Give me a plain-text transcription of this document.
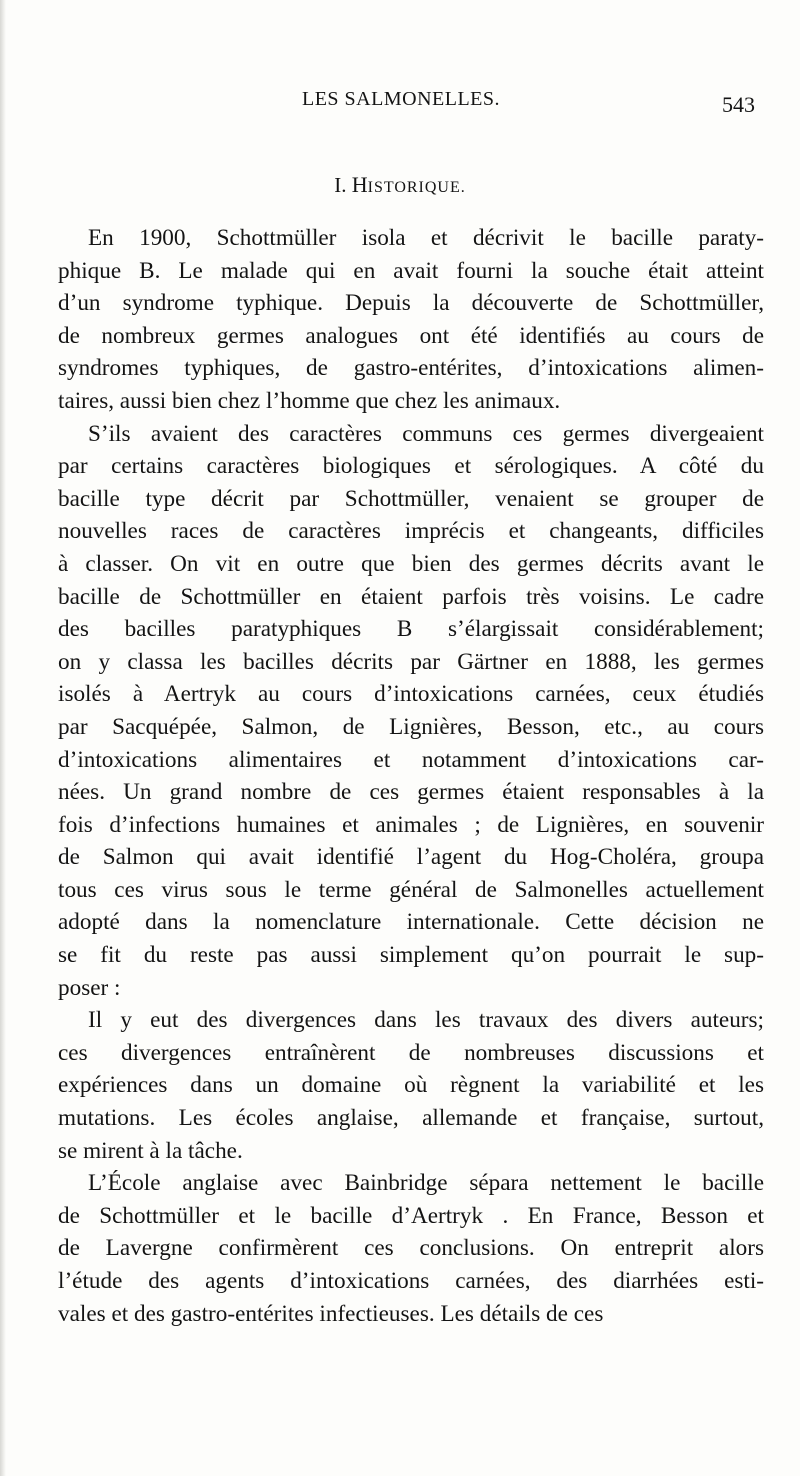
LES SALMONELLES.	543
I. HISTORIQUE.
En 1900, Schottmüller isola et décrivit le bacille paraty-
phique B. Le malade qui en avait fourni la souche était atteint
d’un syndrome typhique. Depuis la découverte de Schottmüller,
de nombreux germes analogues ont été identifiés au cours de
syndromes typhiques, de gastro-entérites, d’intoxications alimen-
taires, aussi bien chez l’homme que chez les animaux.
S’ils avaient des caractères communs ces germes divergeaient
par certains caractères biologiques et sérologiques. A côté du
bacille type décrit par Schottmüller, venaient se grouper de
nouvelles races de caractères imprécis et changeants, difficiles
à classer. On vit en outre que bien des germes décrits avant le
bacille de Schottmüller en étaient parfois très voisins. Le cadre
des bacilles paratyphiques B s’élargissait considérablement;
on y classa les bacilles décrits par Gärtner en 1888, les germes
isolés à Aertryk au cours d’intoxications carnées, ceux étudiés
par Sacquépée, Salmon, de Lignières, Besson, etc., au cours
d’intoxications alimentaires et notamment d’intoxications car-
nées. Un grand nombre de ces germes étaient responsables à la
fois d’infections humaines et animales ; de Lignières, en souvenir
de Salmon qui avait identifié l’agent du Hog-Choléra, groupa
tous ces virus sous le terme général de Salmonelles actuellement
adopté dans la nomenclature internationale. Cette décision ne
se fit du reste pas aussi simplement qu’on pourrait le sup-
poser :
Il y eut des divergences dans les travaux des divers auteurs;
ces divergences entraînèrent de nombreuses discussions et
expériences dans un domaine où règnent la variabilité et les
mutations. Les écoles anglaise, allemande et française, surtout,
se mirent à la tâche.
L’École anglaise avec Bainbridge sépara nettement le bacille
de Schottmüller et le bacille d’Aertryk . En France, Besson et
de Lavergne confirmèrent ces conclusions. On entreprit alors
l’étude des agents d’intoxications carnées, des diarrhées esti-
vales et des gastro-entérites infectieuses. Les détails de ces
